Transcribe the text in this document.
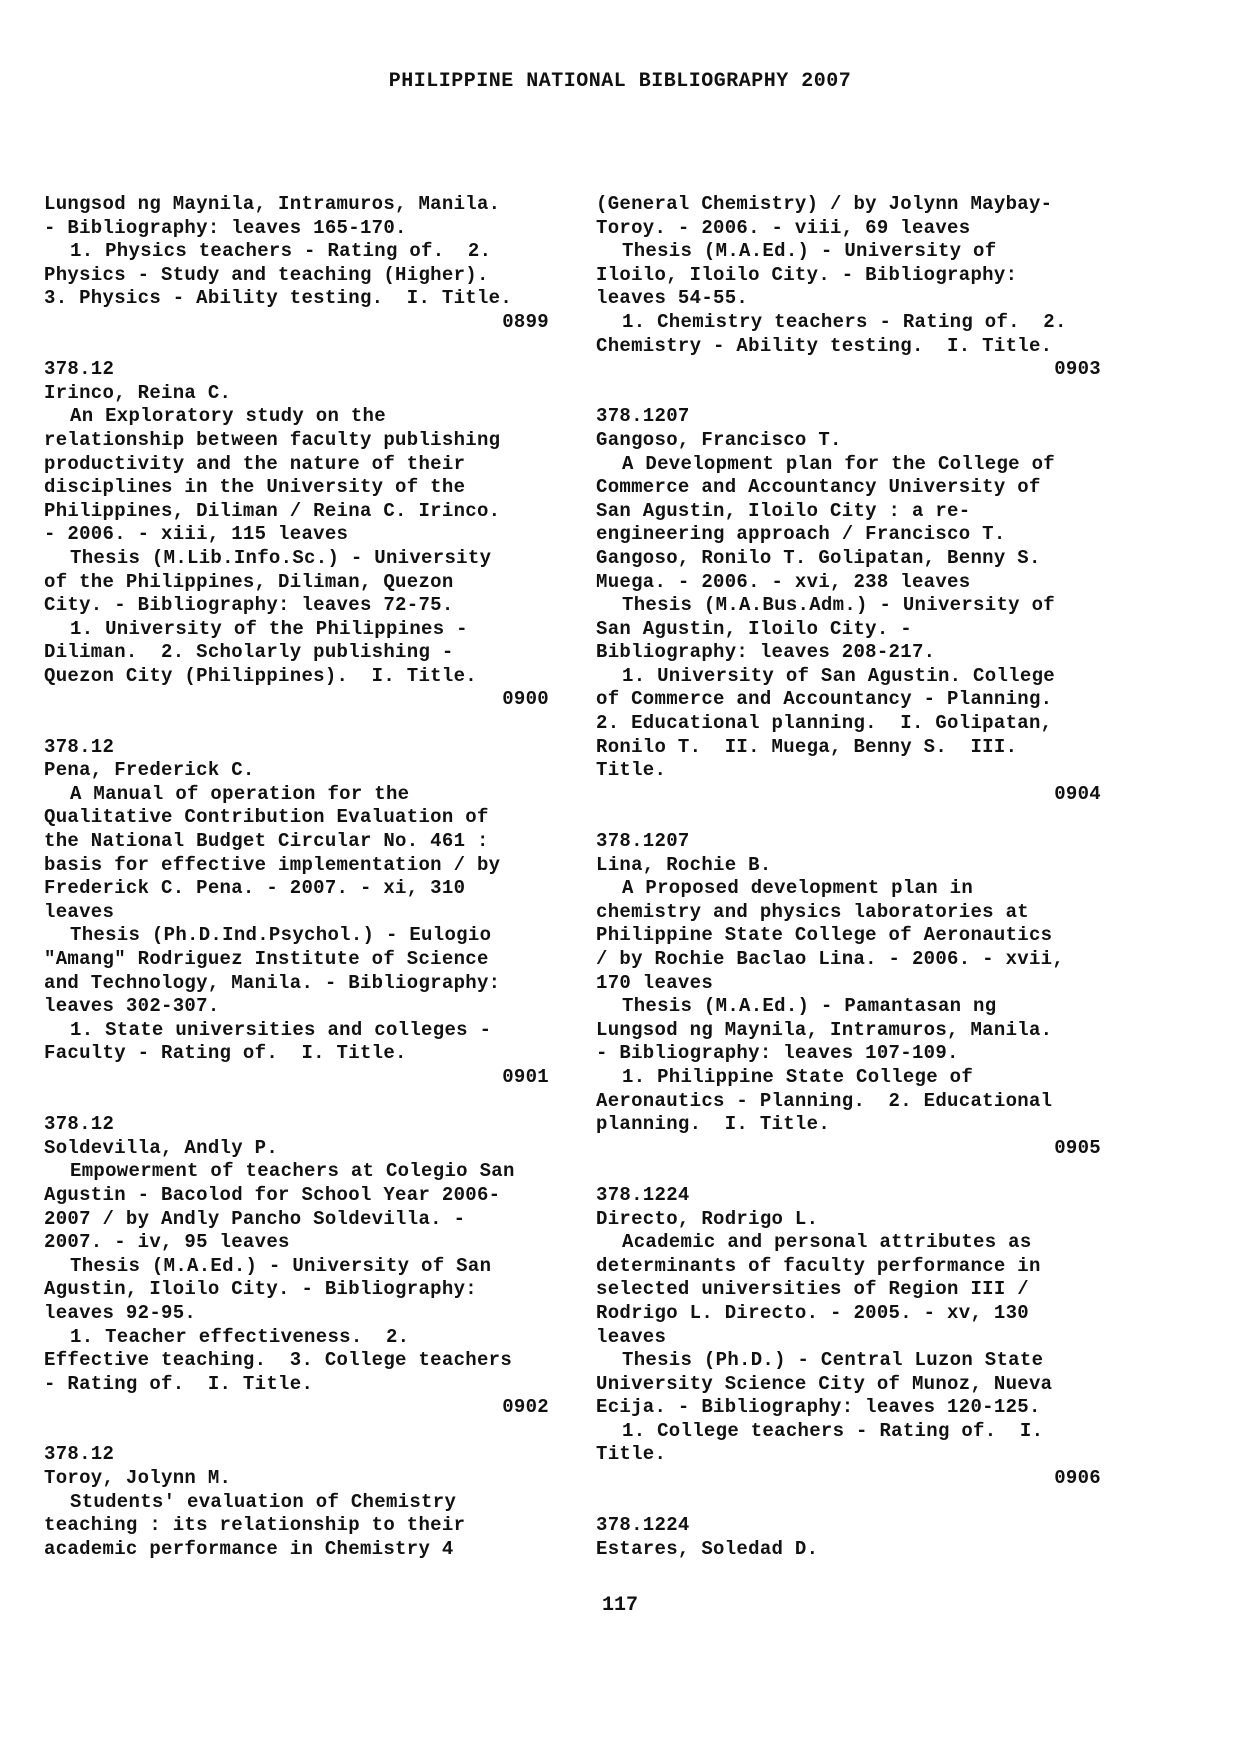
PHILIPPINE NATIONAL BIBLIOGRAPHY 2007
Lungsod ng Maynila, Intramuros, Manila.
- Bibliography: leaves 165-170.
1. Physics teachers - Rating of.  2.
Physics - Study and teaching (Higher).
3. Physics - Ability testing.  I. Title.
0899
378.12
Irinco, Reina C.
An Exploratory study on the
relationship between faculty publishing
productivity and the nature of their
disciplines in the University of the
Philippines, Diliman / Reina C. Irinco.
- 2006. - xiii, 115 leaves
Thesis (M.Lib.Info.Sc.) - University
of the Philippines, Diliman, Quezon
City. - Bibliography: leaves 72-75.
1. University of the Philippines -
Diliman.  2. Scholarly publishing -
Quezon City (Philippines).  I. Title.
0900
378.12
Pena, Frederick C.
A Manual of operation for the
Qualitative Contribution Evaluation of
the National Budget Circular No. 461 :
basis for effective implementation / by
Frederick C. Pena. - 2007. - xi, 310
leaves
Thesis (Ph.D.Ind.Psychol.) - Eulogio
"Amang" Rodriguez Institute of Science
and Technology, Manila. - Bibliography:
leaves 302-307.
1. State universities and colleges -
Faculty - Rating of.  I. Title.
0901
378.12
Soldevilla, Andly P.
Empowerment of teachers at Colegio San
Agustin - Bacolod for School Year 2006-
2007 / by Andly Pancho Soldevilla. -
2007. - iv, 95 leaves
Thesis (M.A.Ed.) - University of San
Agustin, Iloilo City. - Bibliography:
leaves 92-95.
1. Teacher effectiveness.  2.
Effective teaching.  3. College teachers
- Rating of.  I. Title.
0902
378.12
Toroy, Jolynn M.
Students' evaluation of Chemistry
teaching : its relationship to their
academic performance in Chemistry 4
(General Chemistry) / by Jolynn Maybay-
Toroy. - 2006. - viii, 69 leaves
Thesis (M.A.Ed.) - University of
Iloilo, Iloilo City. - Bibliography:
leaves 54-55.
1. Chemistry teachers - Rating of.  2.
Chemistry - Ability testing.  I. Title.
0903
378.1207
Gangoso, Francisco T.
A Development plan for the College of
Commerce and Accountancy University of
San Agustin, Iloilo City : a re-
engineering approach / Francisco T.
Gangoso, Ronilo T. Golipatan, Benny S.
Muega. - 2006. - xvi, 238 leaves
Thesis (M.A.Bus.Adm.) - University of
San Agustin, Iloilo City. -
Bibliography: leaves 208-217.
1. University of San Agustin. College
of Commerce and Accountancy - Planning.
2. Educational planning.  I. Golipatan,
Ronilo T.  II. Muega, Benny S.  III.
Title.
0904
378.1207
Lina, Rochie B.
A Proposed development plan in
chemistry and physics laboratories at
Philippine State College of Aeronautics
/ by Rochie Baclao Lina. - 2006. - xvii,
170 leaves
Thesis (M.A.Ed.) - Pamantasan ng
Lungsod ng Maynila, Intramuros, Manila.
- Bibliography: leaves 107-109.
1. Philippine State College of
Aeronautics - Planning.  2. Educational
planning.  I. Title.
0905
378.1224
Directo, Rodrigo L.
Academic and personal attributes as
determinants of faculty performance in
selected universities of Region III /
Rodrigo L. Directo. - 2005. - xv, 130
leaves
Thesis (Ph.D.) - Central Luzon State
University Science City of Munoz, Nueva
Ecija. - Bibliography: leaves 120-125.
1. College teachers - Rating of.  I.
Title.
0906
378.1224
Estares, Soledad D.
117
